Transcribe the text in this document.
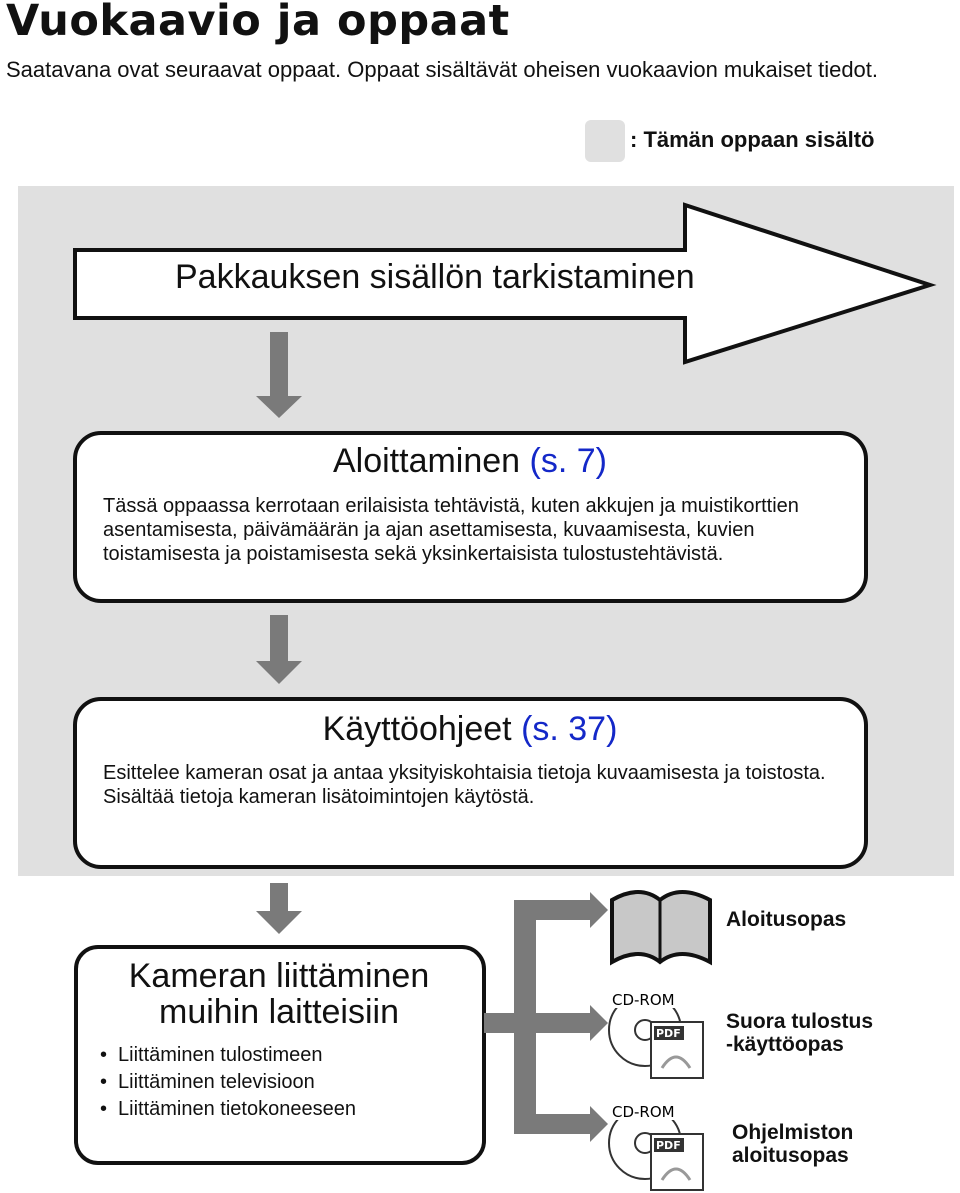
Vuokaavio ja oppaat
Saatavana ovat seuraavat oppaat. Oppaat sisältävät oheisen vuokaavion mukaiset tiedot.
: Tämän oppaan sisältö
CD-ROM
PDF
CD-ROM
PDF
Pakkauksen sisällön tarkistaminen
Aloittaminen (s. 7)
Tässä oppaassa kerrotaan erilaisista tehtävistä, kuten akkujen ja muistikorttien asentamisesta, päivämäärän ja ajan asettamisesta, kuvaamisesta, kuvien toistamisesta ja poistamisesta sekä yksinkertaisista tulostustehtävistä.
Käyttöohjeet (s. 37)
Esittelee kameran osat ja antaa yksityiskohtaisia tietoja kuvaamisesta ja toistosta. Sisältää tietoja kameran lisätoimintojen käytöstä.
Kameran liittäminen
muihin laitteisiin
• Liittäminen tulostimeen
• Liittäminen televisioon
• Liittäminen tietokoneeseen
Aloitusopas
Suora tulostus
-käyttöopas
Ohjelmiston
aloitusopas
